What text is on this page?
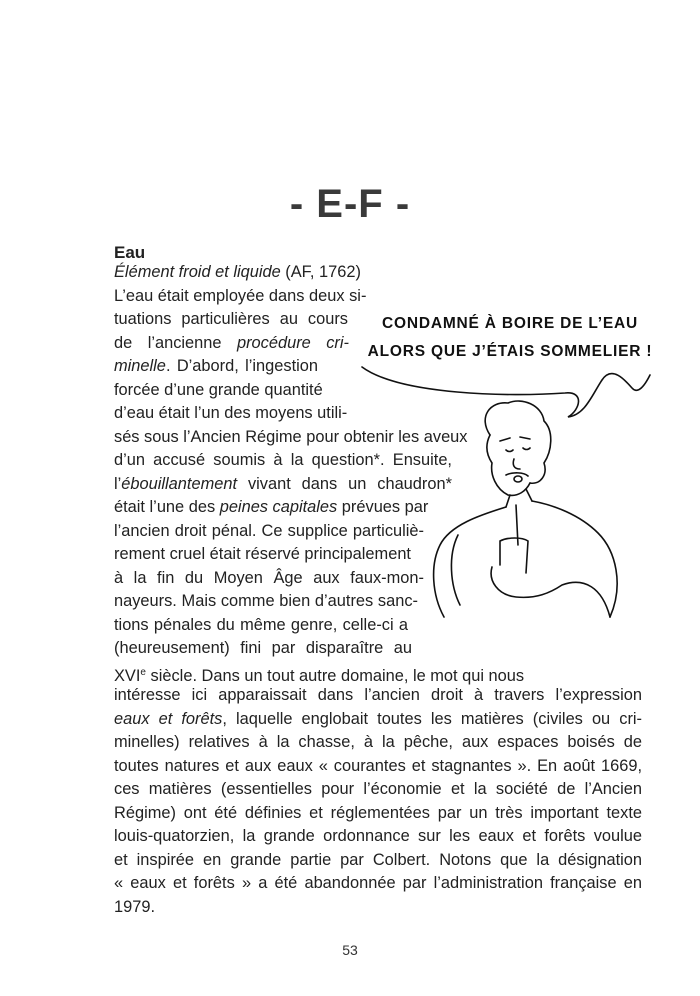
- E-F -
Eau
Élément froid et liquide (AF, 1762)
L’eau était employée dans deux si-
tuations particulières au cours
de l’ancienne procédure cri-
minelle. D’abord, l’ingestion
forcée d’une grande quantité
d’eau était l’un des moyens utili-
sés sous l’Ancien Régime pour obtenir les aveux
d’un accusé soumis à la question*. Ensuite,
l’ébouillantement vivant dans un chaudron*
était l’une des peines capitales prévues par
l’ancien droit pénal. Ce supplice particuliè-
rement cruel était réservé principalement
à la fin du Moyen Âge aux faux-mon-
nayeurs. Mais comme bien d’autres sanc-
tions pénales du même genre, celle-ci a
(heureusement) fini par disparaître au
XVIe siècle. Dans un tout autre domaine, le mot qui nous
intéresse ici apparaissait dans l’ancien droit à travers l’expression
eaux et forêts, laquelle englobait toutes les matières (civiles ou cri-
minelles) relatives à la chasse, à la pêche, aux espaces boisés de
toutes natures et aux eaux « courantes et stagnantes ». En août 1669,
ces matières (essentielles pour l’économie et la société de l’Ancien
Régime) ont été définies et réglementées par un très important texte
louis-quatorzien, la grande ordonnance sur les eaux et forêts voulue
et inspirée en grande partie par Colbert. Notons que la désignation
« eaux et forêts » a été abandonnée par l’administration française en
1979.
CONDAMNÉ À BOIRE DE L’EAU
ALORS QUE J’ÉTAIS SOMMELIER !
53
